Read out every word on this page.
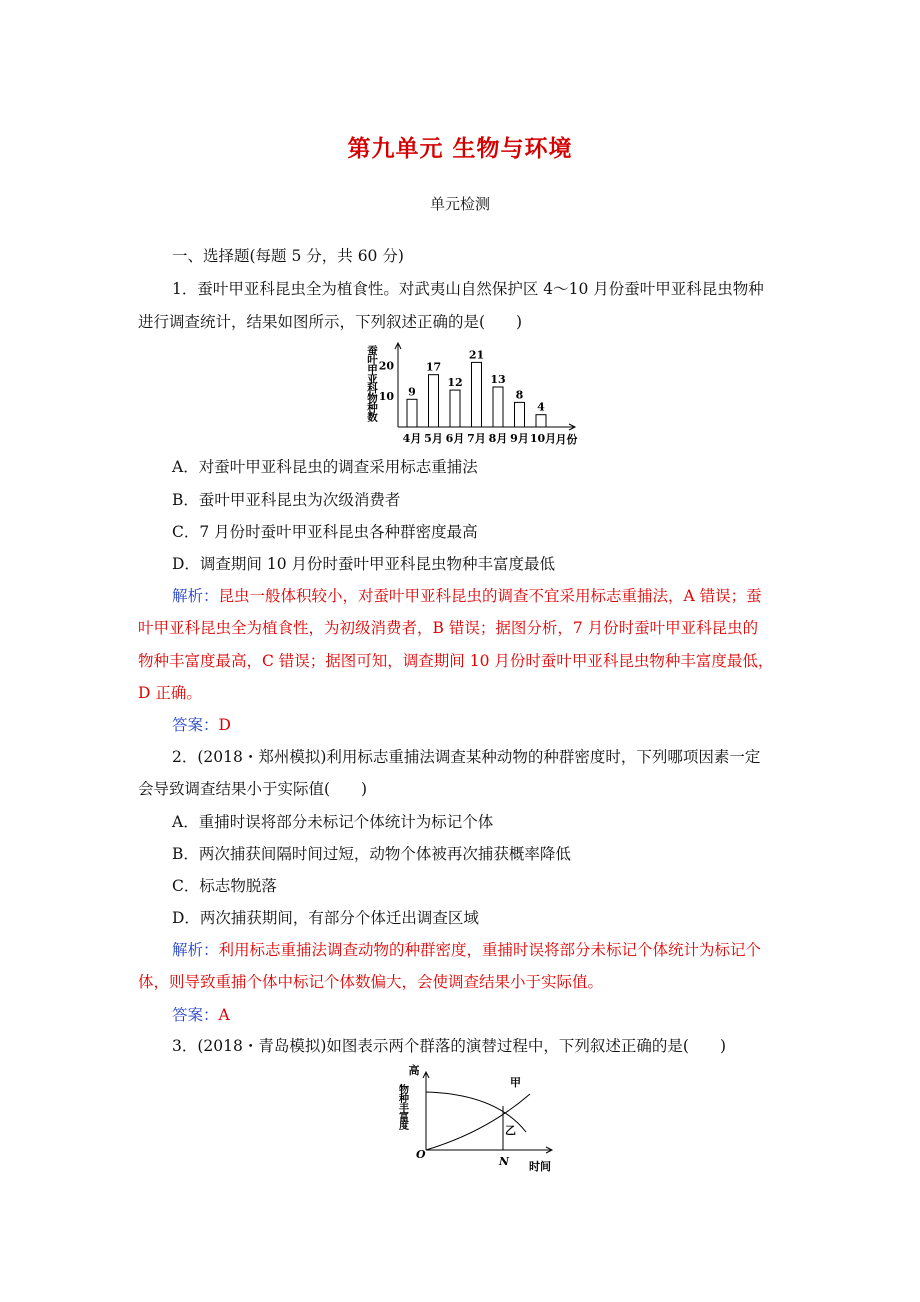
第九单元 生物与环境
单元检测
一、选择题(每题 5 分，共 60 分)
1．蚕叶甲亚科昆虫全为植食性。对武夷山自然保护区 4～10 月份蚕叶甲亚科昆虫物种
进行调查统计，结果如图所示，下列叙述正确的是(　　)
蚕叶甲亚科物种数 10
20
9
4月
17
5月
12
6月
21
7月
13
8月
8
9月
4
10月 月份
A．对蚕叶甲亚科昆虫的调查采用标志重捕法
B．蚕叶甲亚科昆虫为次级消费者
C．7 月份时蚕叶甲亚科昆虫各种群密度最高
D．调查期间 10 月份时蚕叶甲亚科昆虫物种丰富度最低
解析：昆虫一般体积较小，对蚕叶甲亚科昆虫的调查不宜采用标志重捕法，A 错误；蚕
叶甲亚科昆虫全为植食性，为初级消费者，B 错误；据图分析，7 月份时蚕叶甲亚科昆虫的
物种丰富度最高，C 错误；据图可知，调查期间 10 月份时蚕叶甲亚科昆虫物种丰富度最低，
D 正确。
答案：D
2．(2018・郑州模拟)利用标志重捕法调查某种动物的种群密度时，下列哪项因素一定
会导致调查结果小于实际值(　　)
A．重捕时误将部分未标记个体统计为标记个体
B．两次捕获间隔时间过短，动物个体被再次捕获概率降低
C．标志物脱落
D．两次捕获期间，有部分个体迁出调查区域
解析：利用标志重捕法调查动物的种群密度，重捕时误将部分未标记个体统计为标记个
体，则导致重捕个体中标记个体数偏大，会使调查结果小于实际值。
答案：A
3．(2018・青岛模拟)如图表示两个群落的演替过程中，下列叙述正确的是(　　)
高
物种丰富度
O
甲
乙
N 时间
